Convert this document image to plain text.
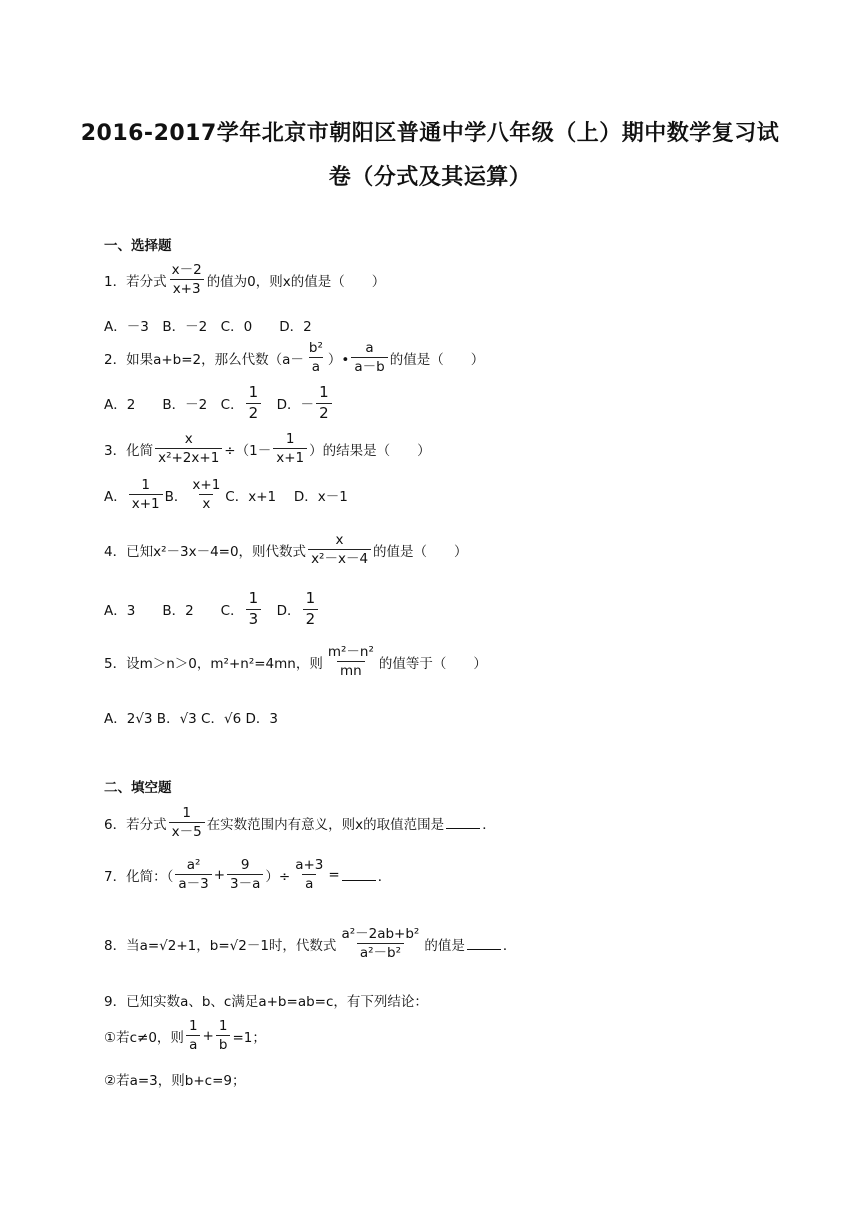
2016-2017学年北京市朝阳区普通中学八年级（上）期中数学复习试
卷（分式及其运算）
一、选择题
1．若分式 $\frac{x-2}{x+3}$ 的值为0，则x的值是（　　）
A．－3　B．－2　C．0　　D．2
2．如果a+b=2，那么代数（$a- \frac{\text{b²}}{a}$ ）• $\frac{a}{a-b}$ 的值是（　　）
A．2　　B．－2　C． $\frac{1}{2}$ 　D．－ $\frac{1}{2}$
3．化简 $\frac{x}{\text{x²+2x+1}} \div(1- \frac{1}{x+1}$ ）的结果是（　　）
A． $\frac{1}{x+1}$ B． $\frac{x+1}{x}$ C．x+1　 D．x－1
4．已知x²－3x－4=0，则代数式 $\frac{x}{\text{x²－x－4}}$ 的值是（　　）
A．3　　B．2　　C． $\frac{1}{3}$ 　D． $\frac{1}{2}$
5．设m＞n＞0，m²+n²=4mn，则 $\frac{\text{m²－n²}}{mn}$ 的值等于（　　）
A．2√3 B．√3 C．√6 D．3
二、填空题
6．若分式 $\frac{1}{x-5}$ 在实数范围内有意义，则x的取值范围是	．
7．化简：（ $\frac{\text{a²}}{a-3} + \frac{9}{3-a}$ ）÷ $\frac{a+3}{a}$ =	．
8．当a=√2+1，b=√2－1时，代数式 $\frac{\text{a²－2ab+b²}}{\text{a²－b²}}$ 的值是	．
9．已知实数a、b、c满足a+b=ab=c，有下列结论：
①若c≠0，则 $\frac{1}{a} + \frac{1}{b} =1$；
②若a=3，则b+c=9；
